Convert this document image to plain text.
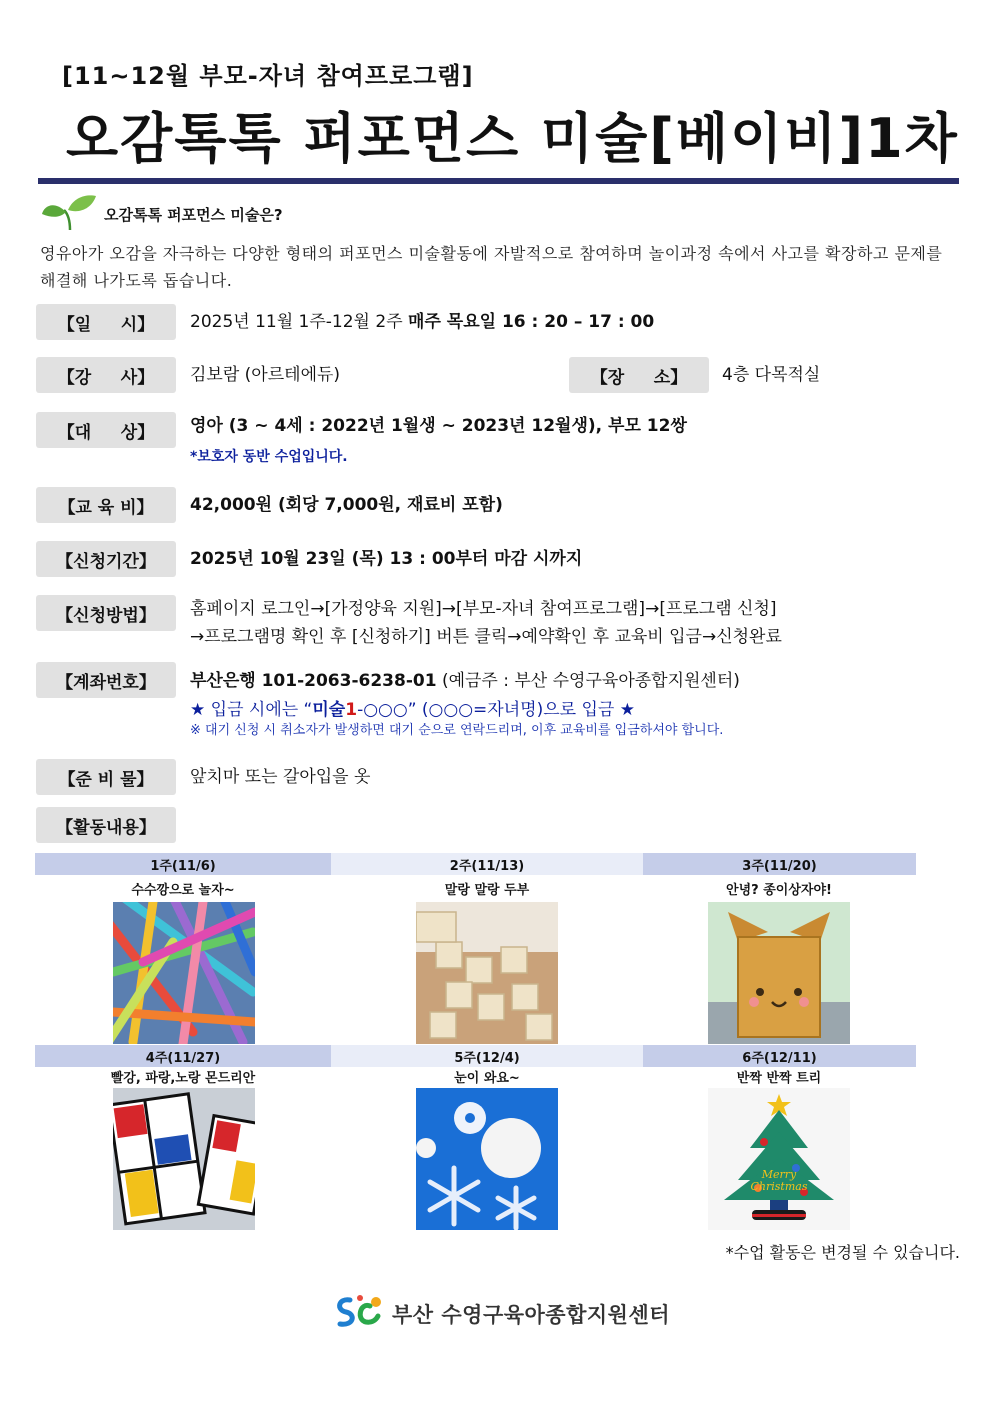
[11~12월 부모-자녀 참여프로그램]
오감톡톡 퍼포먼스 미술[베이비]1차
오감톡톡 퍼포먼스 미술은?
영유아가 오감을 자극하는 다양한 형태의 퍼포먼스 미술활동에 자발적으로 참여하며 놀이과정 속에서 사고를 확장하고 문제를 해결해 나가도록 돕습니다.
【일     시】	2025년 11월 1주-12월 2주 매주 목요일 16 : 20 – 17 : 00
【강     사】	김보람 (아르테에듀)	【장     소】	4층 다목적실
【대     상】	영아 (3 ~ 4세 : 2022년 1월생 ~ 2023년 12월생), 부모 12쌍
*보호자 동반 수업입니다.
【교 육 비】	42,000원 (회당 7,000원, 재료비 포함)
【신청기간】	2025년 10월 23일 (목) 13 : 00부터 마감 시까지
【신청방법】	홈페이지 로그인→[가정양육 지원]→[부모-자녀 참여프로그램]→[프로그램 신청]
→프로그램명 확인 후 [신청하기] 버튼 클릭→예약확인 후 교육비 입금→신청완료
【계좌번호】	부산은행 101-2063-6238-01 (예금주 : 부산 수영구육아종합지원센터)
★ 입금 시에는 “미술1-○○○” (○○○=자녀명)으로 입금 ★
※ 대기 신청 시 취소자가 발생하면 대기 순으로 연락드리며, 이후 교육비를 입금하셔야 합니다.
【준 비 물】	앞치마 또는 갈아입을 옷
【활동내용】
1주(11/6)	2주(11/13)	3주(11/20)
수수깡으로 놀자~	말랑 말랑 두부	안녕? 종이상자야!
4주(11/27)	5주(12/4)	6주(12/11)
빨강, 파랑,노랑 몬드리안	눈이 와요~	반짝 반짝 트리
Merry
Christmas
*수업 활동은 변경될 수 있습니다.
부산 수영구육아종합지원센터
